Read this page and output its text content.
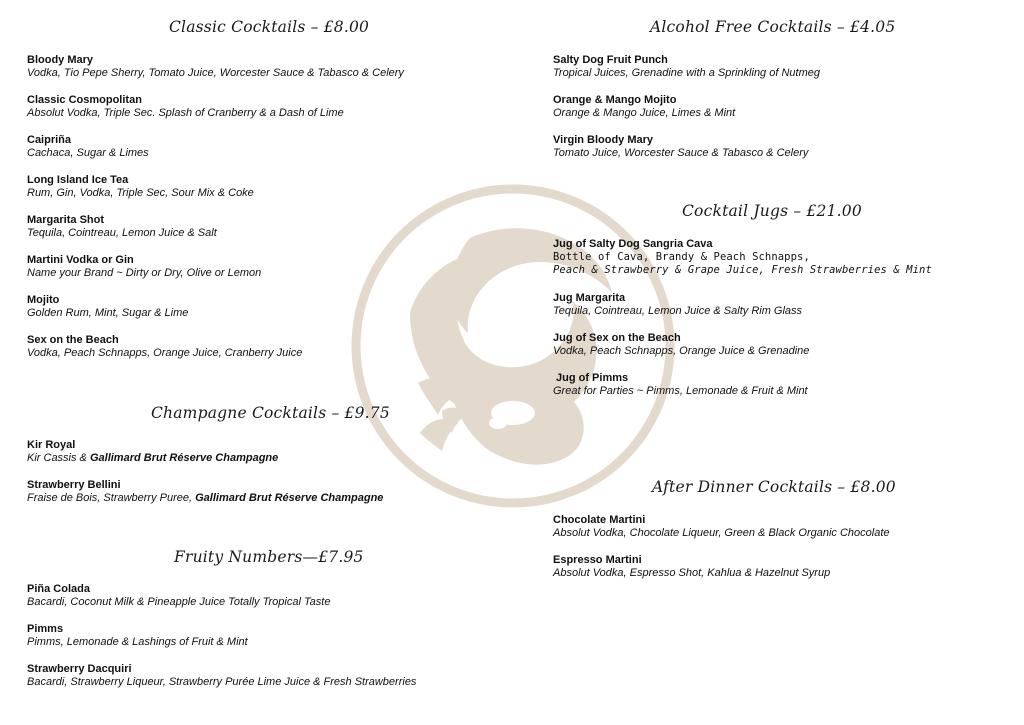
Classic Cocktails – £8.00
Bloody Mary
Vodka, Tio Pepe Sherry, Tomato Juice, Worcester Sauce & Tabasco & Celery
Classic Cosmopolitan
Absolut Vodka, Triple Sec. Splash of Cranberry & a Dash of Lime
Caipriña
Cachaca, Sugar & Limes
Long Island Ice Tea
Rum, Gin, Vodka, Triple Sec, Sour Mix & Coke
Margarita Shot
Tequila, Cointreau, Lemon Juice & Salt
Martini Vodka or Gin
Name your Brand ~ Dirty or Dry, Olive or Lemon
Mojito
Golden Rum, Mint, Sugar & Lime
Sex on the Beach
Vodka, Peach Schnapps, Orange Juice, Cranberry Juice
Champagne Cocktails – £9.75
Kir Royal
Kir Cassis & Gallimard Brut Réserve Champagne
Strawberry Bellini
Fraise de Bois, Strawberry Puree, Gallimard Brut Réserve Champagne
Fruity Numbers—£7.95
Piña Colada
Bacardi, Coconut Milk & Pineapple Juice Totally Tropical Taste
Pimms
Pimms, Lemonade & Lashings of Fruit & Mint
Strawberry Dacquiri
Bacardi, Strawberry Liqueur, Strawberry Purée Lime Juice & Fresh Strawberries
Alcohol Free Cocktails – £4.05
Salty Dog Fruit Punch
Tropical Juices, Grenadine with a Sprinkling of Nutmeg
Orange & Mango Mojito
Orange & Mango Juice, Limes & Mint
Virgin Bloody Mary
Tomato Juice, Worcester Sauce & Tabasco & Celery
Cocktail Jugs – £21.00
Jug of Salty Dog Sangria Cava
Bottle of Cava, Brandy & Peach Schnapps,
Peach & Strawberry & Grape Juice, Fresh Strawberries & Mint
Jug Margarita
Tequila, Cointreau, Lemon Juice & Salty Rim Glass
Jug of Sex on the Beach
Vodka, Peach Schnapps, Orange Juice & Grenadine
Jug of Pimms
Great for Parties ~ Pimms, Lemonade & Fruit & Mint
After Dinner Cocktails – £8.00
Chocolate Martini
Absolut Vodka, Chocolate Liqueur, Green & Black Organic Chocolate
Espresso Martini
Absolut Vodka, Espresso Shot, Kahlua & Hazelnut Syrup
